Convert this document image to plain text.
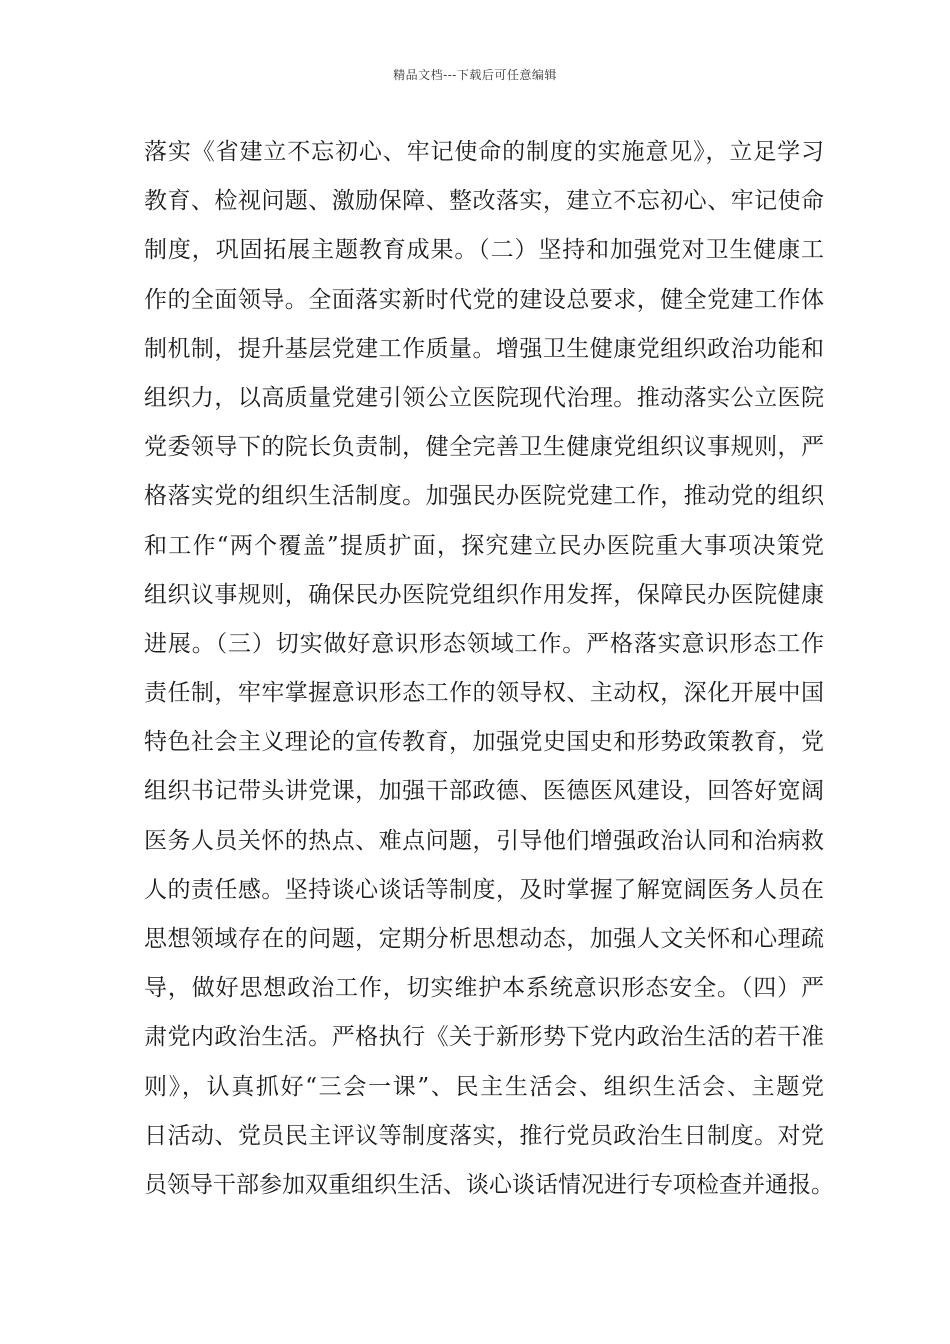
精品文档---下载后可任意编辑
落实《省建立不忘初心、牢记使命的制度的实施意见》，立足学习
教育、检视问题、激励保障、整改落实，建立不忘初心、牢记使命
制度，巩固拓展主题教育成果。（二）坚持和加强党对卫生健康工
作的全面领导。全面落实新时代党的建设总要求，健全党建工作体
制机制，提升基层党建工作质量。增强卫生健康党组织政治功能和
组织力，以高质量党建引领公立医院现代治理。推动落实公立医院
党委领导下的院长负责制，健全完善卫生健康党组织议事规则，严
格落实党的组织生活制度。加强民办医院党建工作，推动党的组织
和工作“两个覆盖”提质扩面，探究建立民办医院重大事项决策党
组织议事规则，确保民办医院党组织作用发挥，保障民办医院健康
进展。（三）切实做好意识形态领域工作。严格落实意识形态工作
责任制，牢牢掌握意识形态工作的领导权、主动权，深化开展中国
特色社会主义理论的宣传教育，加强党史国史和形势政策教育，党
组织书记带头讲党课，加强干部政德、医德医风建设，回答好宽阔
医务人员关怀的热点、难点问题，引导他们增强政治认同和治病救
人的责任感。坚持谈心谈话等制度，及时掌握了解宽阔医务人员在
思想领域存在的问题，定期分析思想动态，加强人文关怀和心理疏
导，做好思想政治工作，切实维护本系统意识形态安全。（四）严
肃党内政治生活。严格执行《关于新形势下党内政治生活的若干准
则》，认真抓好“三会一课”、民主生活会、组织生活会、主题党
日活动、党员民主评议等制度落实，推行党员政治生日制度。对党
员领导干部参加双重组织生活、谈心谈话情况进行专项检查并通报。
